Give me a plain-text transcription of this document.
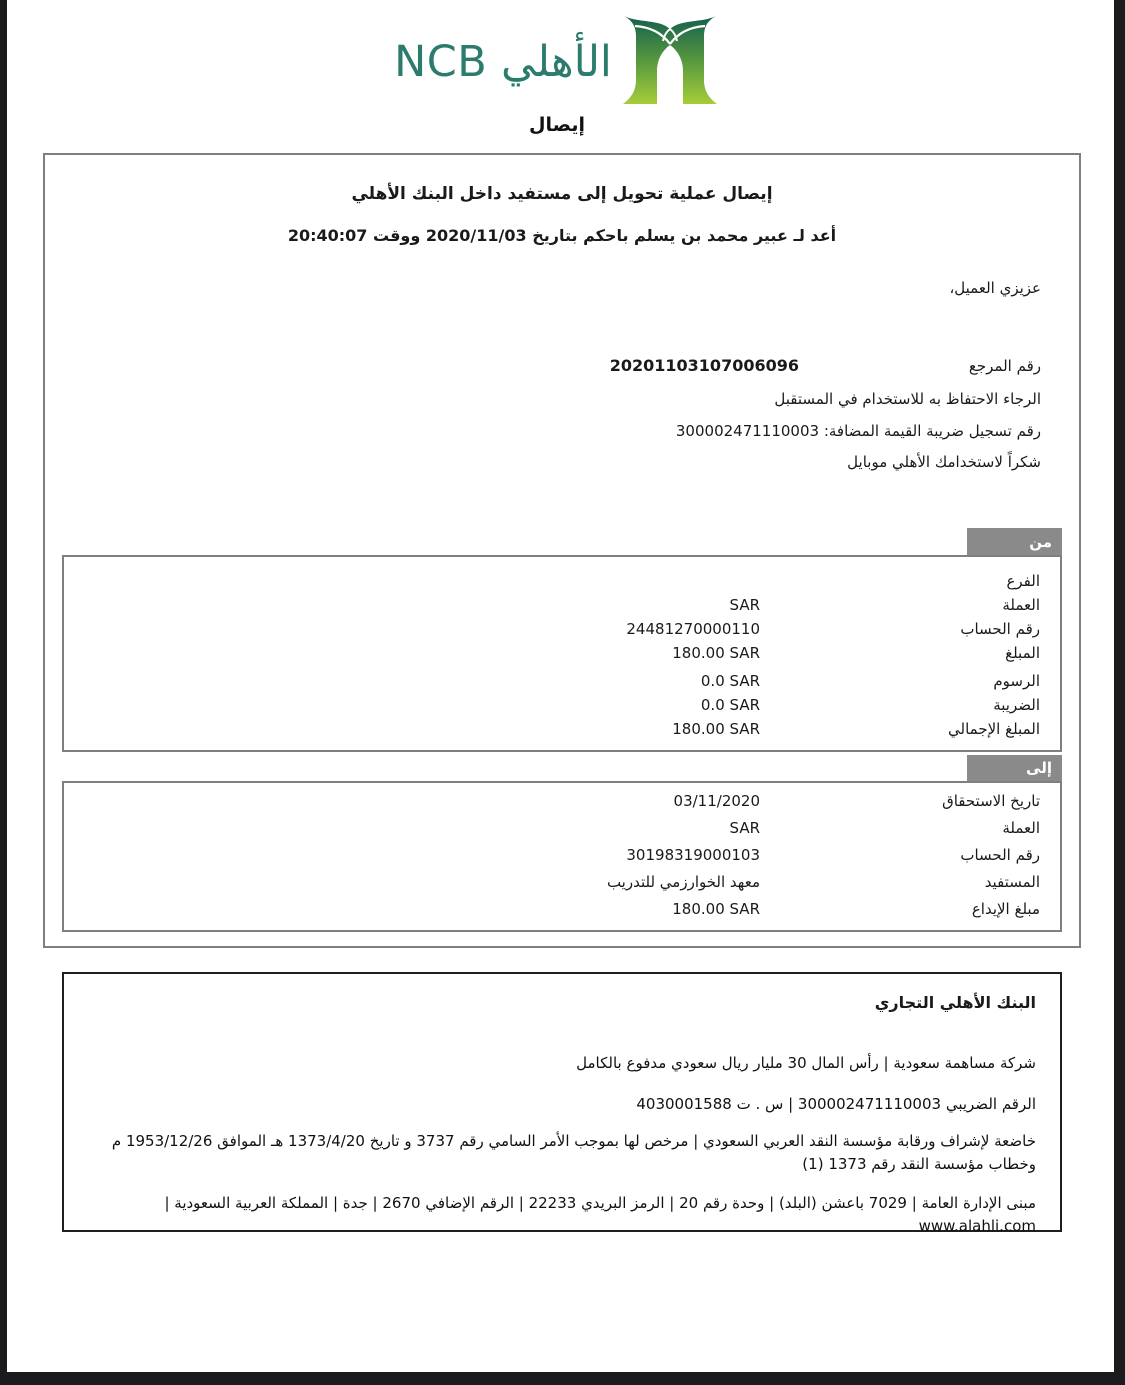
الأهلي NCB
إيصال
إيصال عملية تحويل إلى مستفيد داخل البنك الأهلي
أعد لـ عبير محمد بن يسلم باحكم بتاريخ 2020/11/03 ووقت 20:40:07
عزيزي العميل،
رقم المرجع
20201103107006096
الرجاء الاحتفاظ به للاستخدام في المستقبل
رقم تسجيل ضريبة القيمة المضافة: 300002471110003
شكراً لاستخدامك الأهلي موبايل
من
الفرع
العملة
SAR
رقم الحساب
24481270000110
المبلغ
180.00 SAR
الرسوم
0.0 SAR
الضريبة
0.0 SAR
المبلغ الإجمالي
180.00 SAR
إلى
تاريخ الاستحقاق
03/11/2020
العملة
SAR
رقم الحساب
30198319000103
المستفيد
معهد الخوارزمي للتدريب
مبلغ الإيداع
180.00 SAR
البنك الأهلي التجاري
شركة مساهمة سعودية | رأس المال 30 مليار ريال سعودي مدفوع بالكامل
الرقم الضريبي 300002471110003 | س . ت 4030001588
خاضعة لإشراف ورقابة مؤسسة النقد العربي السعودي | مرخص لها بموجب الأمر السامي رقم 3737 و تاريخ 1373/4/20 هـ الموافق 1953/12/26 م وخطاب مؤسسة النقد رقم 1373 (1)
مبنى الإدارة العامة | 7029 باعشن (البلد) | وحدة رقم 20 | الرمز البريدي 22233 | الرقم الإضافي 2670 | جدة | المملكة العربية السعودية | www.alahli.com
